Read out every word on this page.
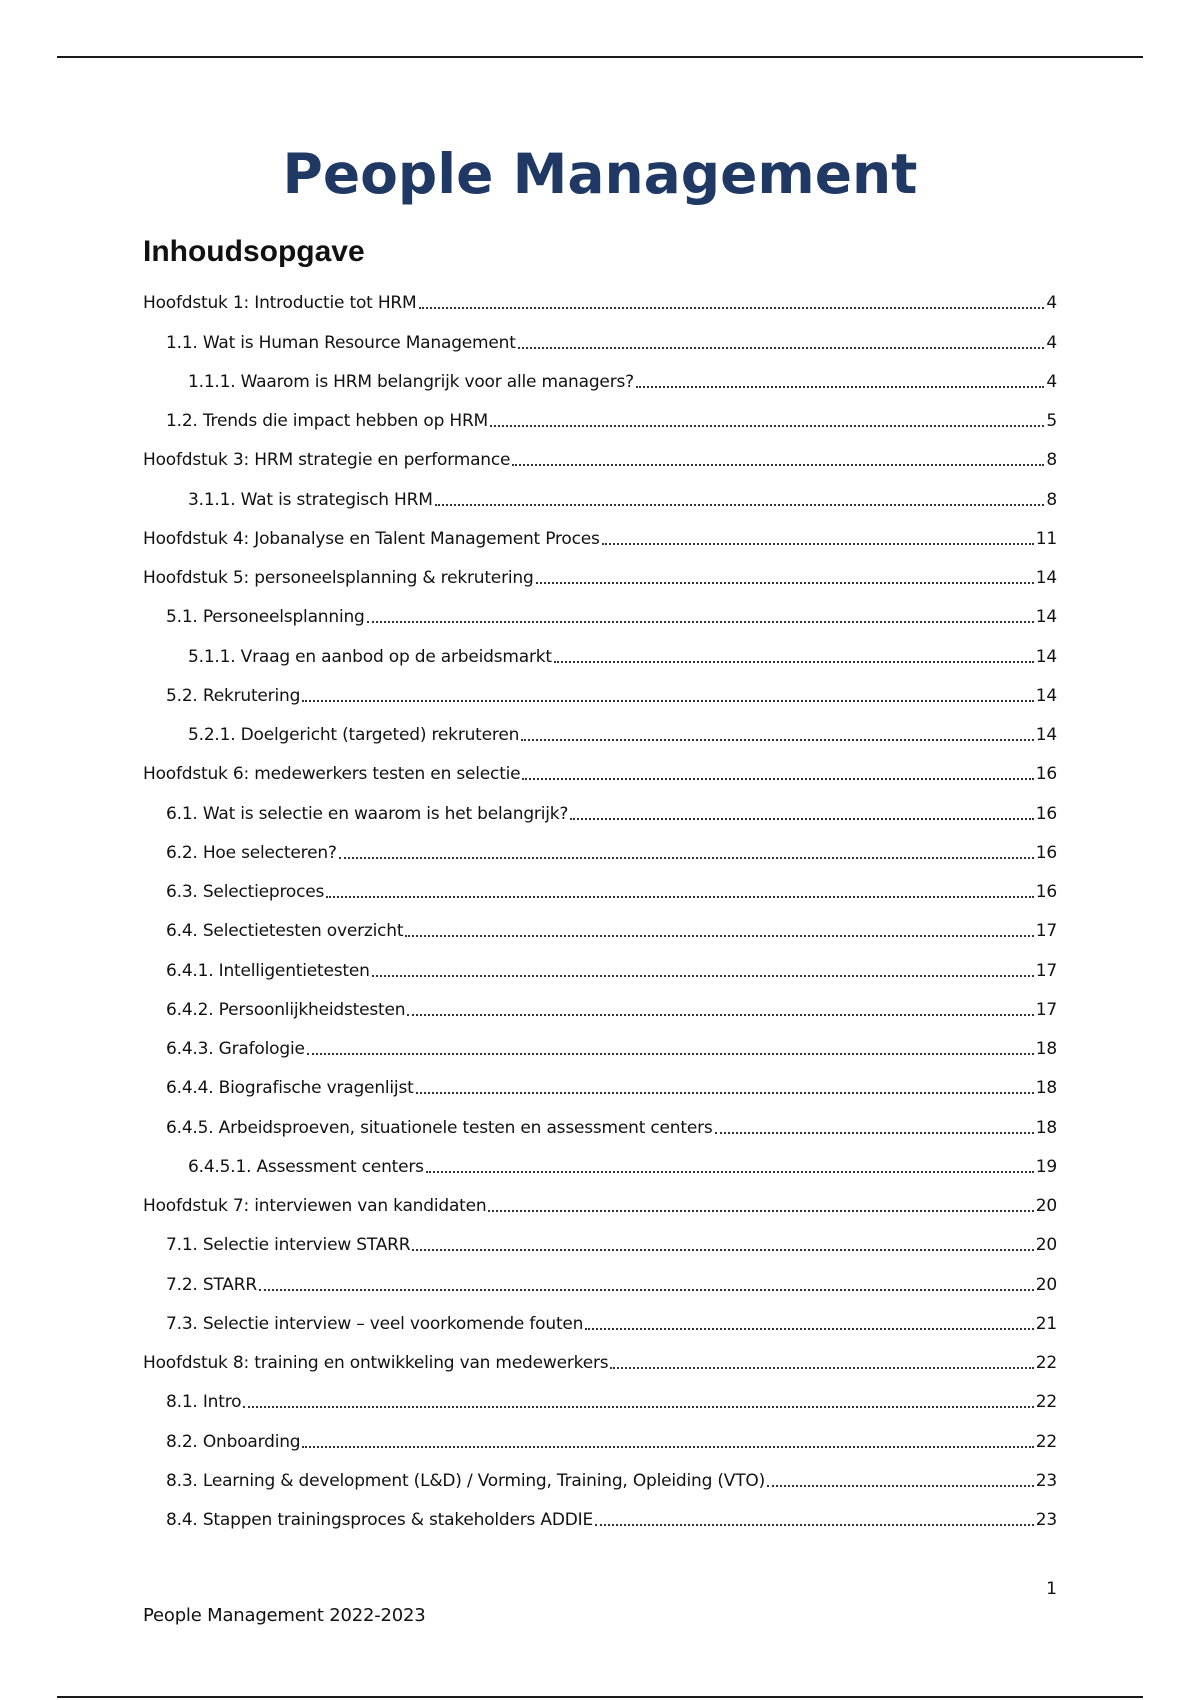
People Management
Inhoudsopgave
Hoofdstuk 1: Introductie tot HRM	4
1.1. Wat is Human Resource Management	4
1.1.1. Waarom is HRM belangrijk voor alle managers?	4
1.2. Trends die impact hebben op HRM	5
Hoofdstuk 3: HRM strategie en performance	8
3.1.1. Wat is strategisch HRM	8
Hoofdstuk 4: Jobanalyse en Talent Management Proces	11
Hoofdstuk 5: personeelsplanning & rekrutering	14
5.1. Personeelsplanning	14
5.1.1. Vraag en aanbod op de arbeidsmarkt	14
5.2. Rekrutering	14
5.2.1. Doelgericht (targeted) rekruteren	14
Hoofdstuk 6: medewerkers testen en selectie	16
6.1. Wat is selectie en waarom is het belangrijk?	16
6.2. Hoe selecteren?	16
6.3. Selectieproces	16
6.4. Selectietesten overzicht	17
6.4.1. Intelligentietesten	17
6.4.2. Persoonlijkheidstesten	17
6.4.3. Grafologie	18
6.4.4. Biografische vragenlijst	18
6.4.5. Arbeidsproeven, situationele testen en assessment centers	18
6.4.5.1. Assessment centers	19
Hoofdstuk 7: interviewen van kandidaten	20
7.1. Selectie interview STARR	20
7.2. STARR	20
7.3. Selectie interview – veel voorkomende fouten	21
Hoofdstuk 8: training en ontwikkeling van medewerkers	22
8.1. Intro	22
8.2. Onboarding	22
8.3. Learning & development (L&D) / Vorming, Training, Opleiding (VTO)	23
8.4. Stappen trainingsproces & stakeholders ADDIE	23
1
People Management 2022-2023
